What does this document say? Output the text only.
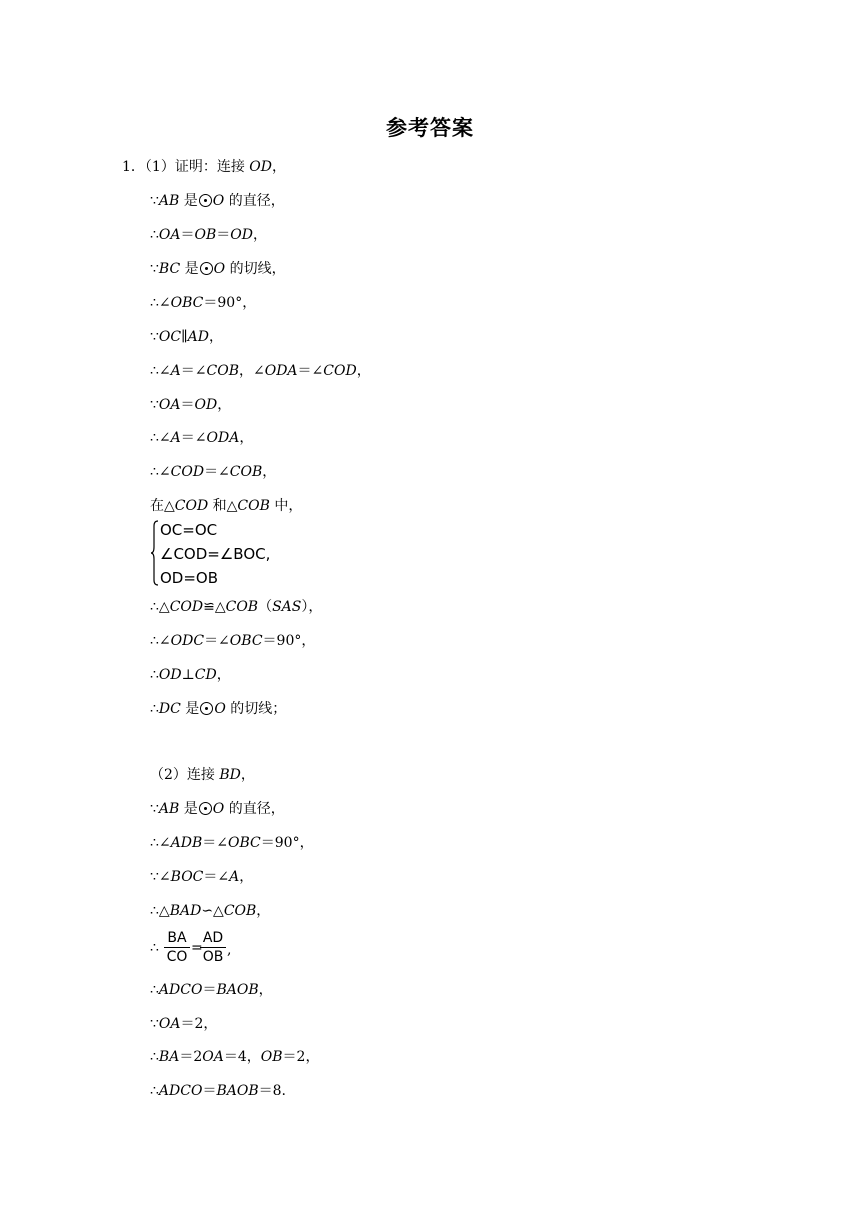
参考答案
1．（1）证明：连接 OD，
∵AB 是 O 的直径，
∴OA＝OB＝OD，
∵BC 是 O 的切线，
∴∠OBC＝90°，
∵OC∥AD，
∴∠A＝∠COB，∠ODA＝∠COD，
∵OA＝OD，
∴∠A＝∠ODA，
∴∠COD＝∠COB，
在△COD 和△COB 中，
OC=OC
∠COD=∠BOC,
OD=OB
∴△COD≌△COB（SAS），
∴∠ODC＝∠OBC＝90°，
∴OD⊥CD，
∴DC 是 O 的切线；
（2）连接 BD，
∵AB 是 O 的直径，
∴∠ADB＝∠OBC＝90°，
∵∠BOC＝∠A，
∴△BAD∽△COB，
∴
BA
CO
=
AD
OB ,
∴ADCO＝BAOB，
∵OA＝2，
∴BA＝2OA＝4，OB＝2，
∴ADCO＝BAOB＝8.
